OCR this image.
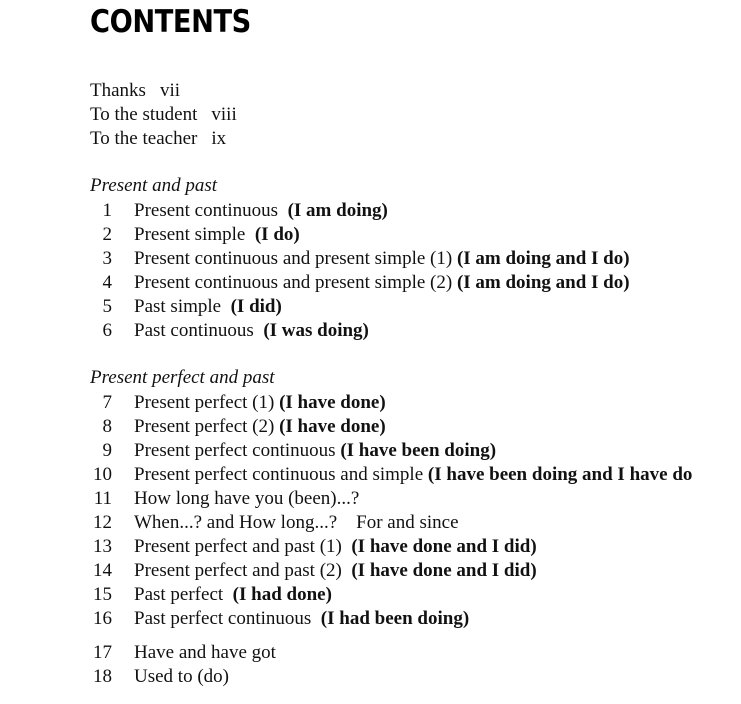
CONTENTS
Thanks vii
To the student viii
To the teacher ix
Present and past
1 Present continuous  (I am doing)
2 Present simple  (I do)
3 Present continuous and present simple (1) (I am doing and I do)
4 Present continuous and present simple (2) (I am doing and I do)
5 Past simple  (I did)
6 Past continuous  (I was doing)
Present perfect and past
7 Present perfect (1) (I have done)
8 Present perfect (2) (I have done)
9 Present perfect continuous (I have been doing)
10 Present perfect continuous and simple (I have been doing and I have do
11 How long have you (been)...?
12 When...? and How long...?    For and since
13 Present perfect and past (1)  (I have done and I did)
14 Present perfect and past (2)  (I have done and I did)
15 Past perfect  (I had done)
16 Past perfect continuous  (I had been doing)
17 Have and have got
18 Used to (do)
